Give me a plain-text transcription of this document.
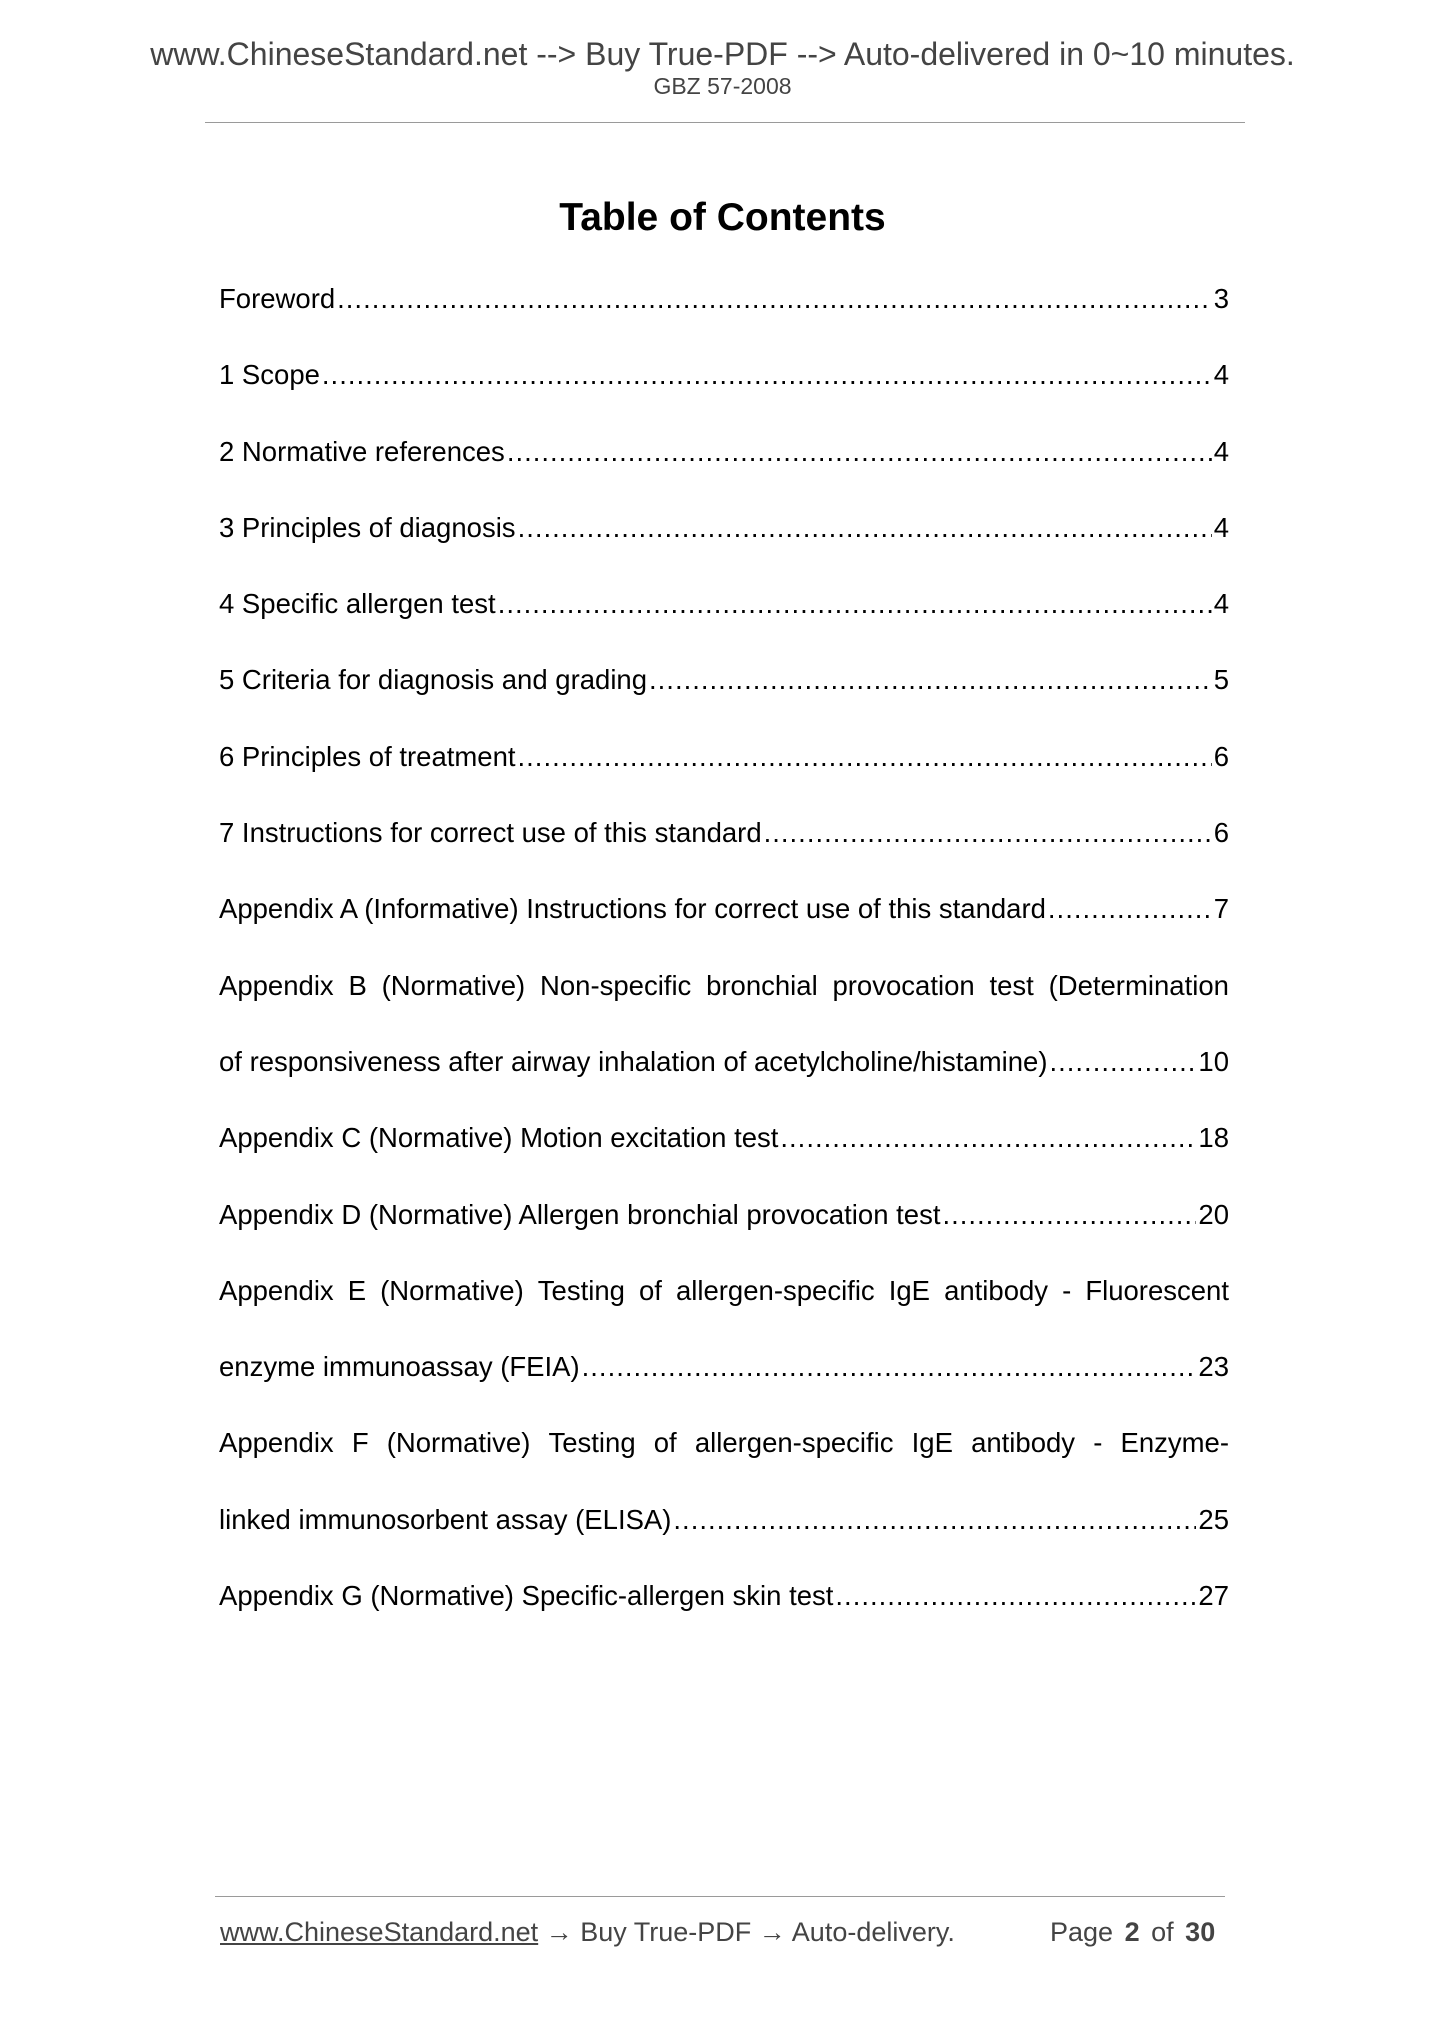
www.ChineseStandard.net --> Buy True-PDF --> Auto-delivered in 0~10 minutes.
GBZ 57-2008
Table of Contents
Foreword .....	3
1 Scope .....	4
2 Normative references .....	4
3 Principles of diagnosis .....	4
4 Specific allergen test .....	4
5 Criteria for diagnosis and grading .....	5
6 Principles of treatment .....	6
7 Instructions for correct use of this standard .....	6
Appendix A (Informative) Instructions for correct use of this standard .....	7
Appendix B (Normative) Non-specific bronchial provocation test (Determination
of responsiveness after airway inhalation of acetylcholine/histamine) .....	10
Appendix C (Normative) Motion excitation test .....	18
Appendix D (Normative) Allergen bronchial provocation test .....	20
Appendix E (Normative) Testing of allergen-specific IgE antibody - Fluorescent
enzyme immunoassay (FEIA) .....	23
Appendix F (Normative) Testing of allergen-specific IgE antibody - Enzyme-
linked immunosorbent assay (ELISA) .....	25
Appendix G (Normative) Specific-allergen skin test .....	27
www.ChineseStandard.net → Buy True-PDF → Auto-delivery.	Page 2 of 30
